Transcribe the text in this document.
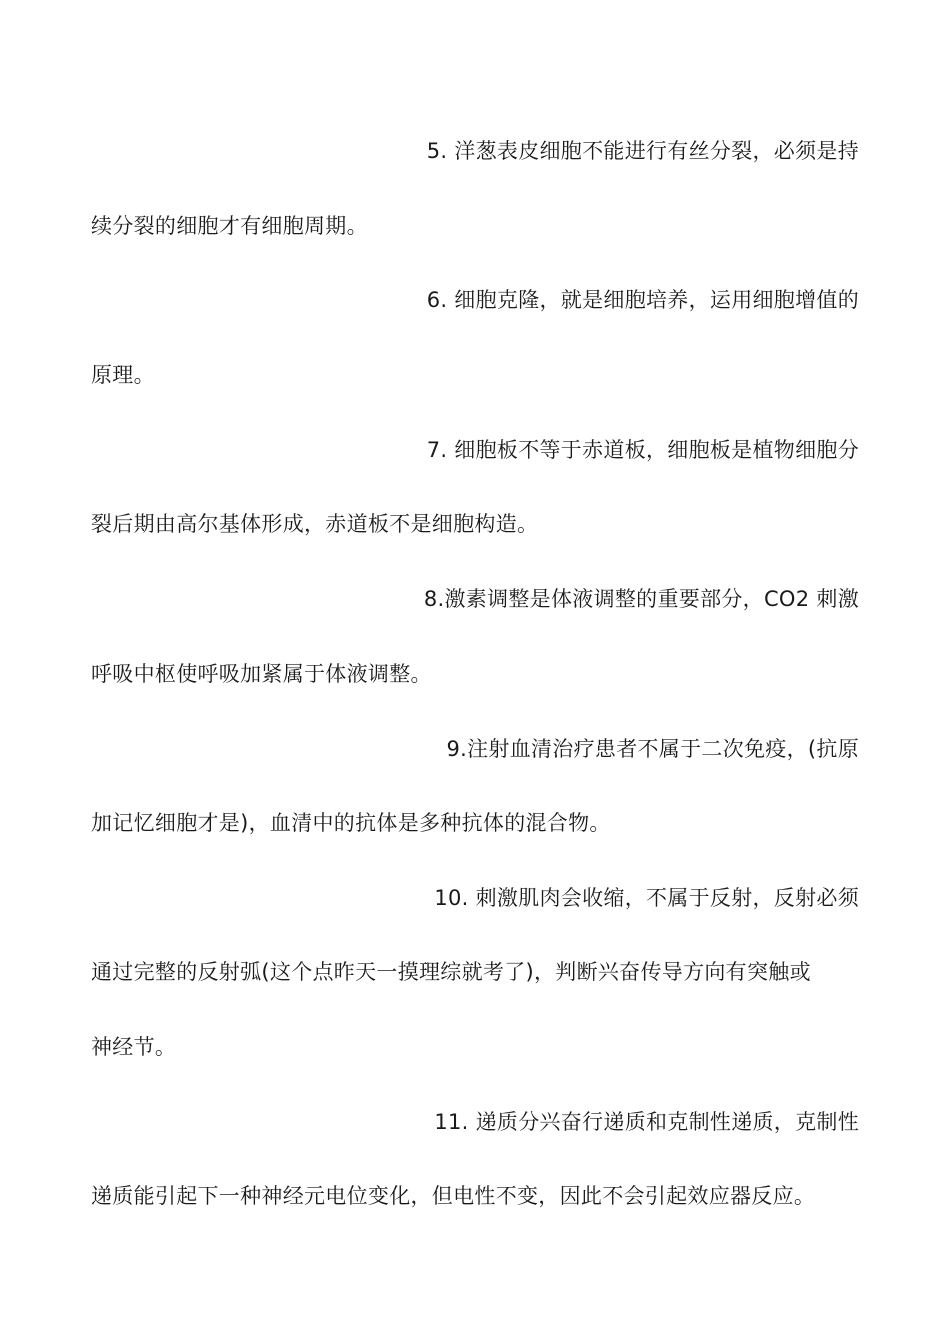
5. 洋葱表皮细胞不能进行有丝分裂，必须是持
续分裂的细胞才有细胞周期。
6. 细胞克隆，就是细胞培养，运用细胞增值的
原理。
7. 细胞板不等于赤道板，细胞板是植物细胞分
裂后期由高尔基体形成，赤道板不是细胞构造。
8.激素调整是体液调整的重要部分，CO2 刺激
呼吸中枢使呼吸加紧属于体液调整。
9.注射血清治疗患者不属于二次免疫，(抗原
加记忆细胞才是)，血清中的抗体是多种抗体的混合物。
10. 刺激肌肉会收缩，不属于反射，反射必须
通过完整的反射弧(这个点昨天一摸理综就考了)，判断兴奋传导方向有突触或
神经节。
11. 递质分兴奋行递质和克制性递质，克制性
递质能引起下一种神经元电位变化，但电性不变，因此不会引起效应器反应。
